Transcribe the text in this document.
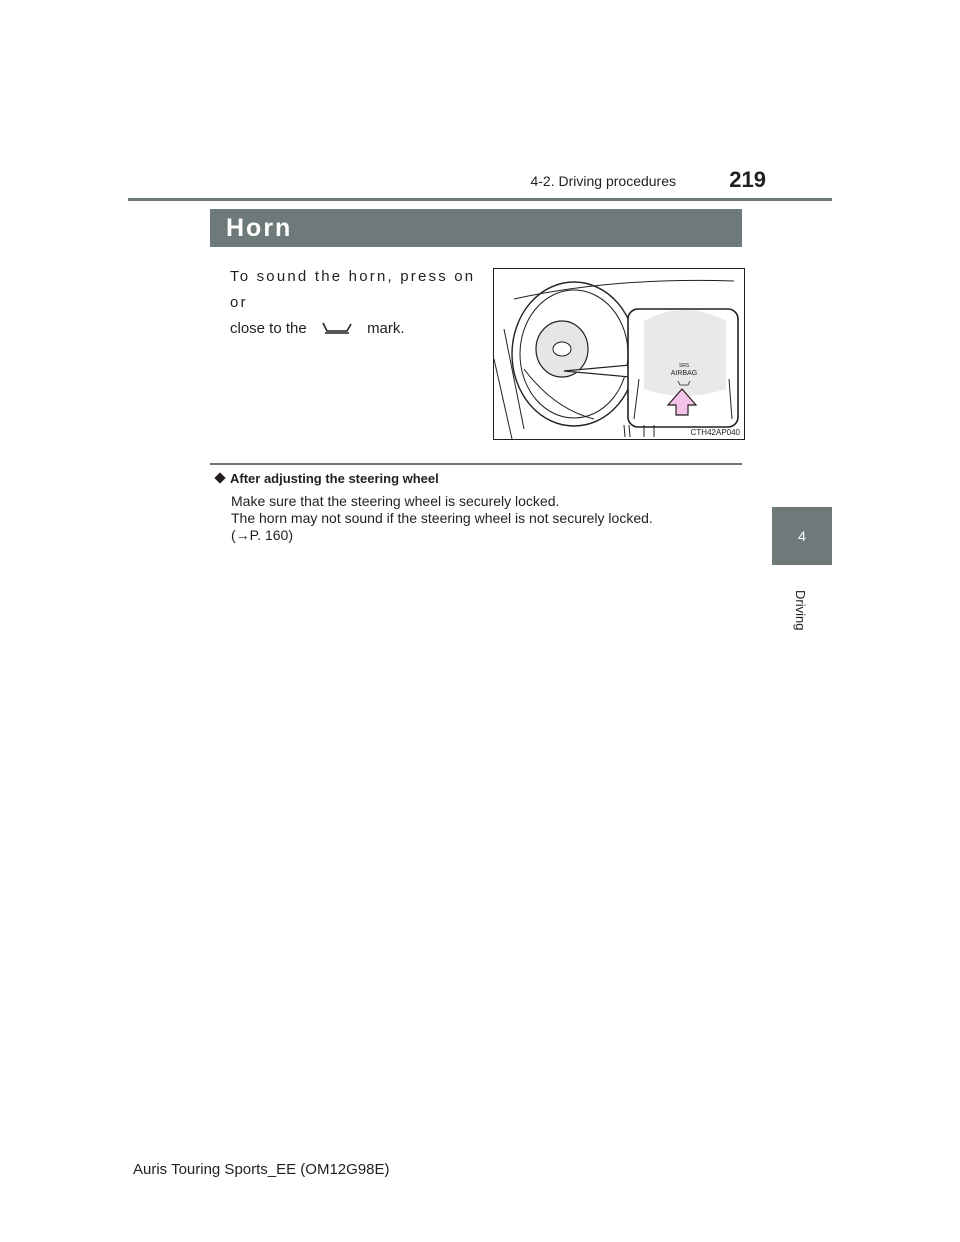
4-2. Driving procedures	219
4
Driving
Horn
To sound the horn, press on or
close to the	mark.
SRS
AIRBAG
CTH42AP040
After adjusting the steering wheel
Make sure that the steering wheel is securely locked.
The horn may not sound if the steering wheel is not securely locked.
(→P. 160)
Auris Touring Sports_EE (OM12G98E)
